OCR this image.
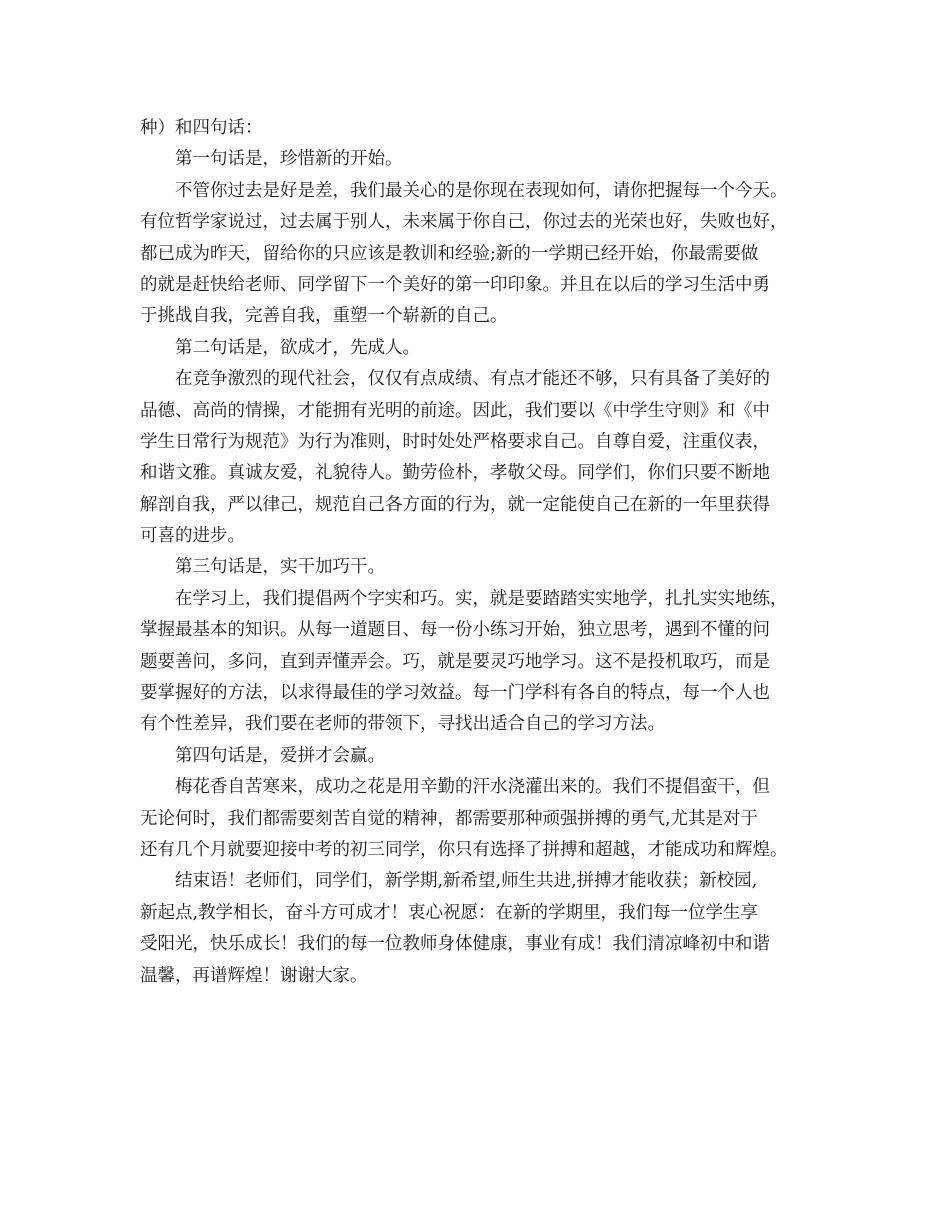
种）和四句话：
第一句话是，珍惜新的开始。
不管你过去是好是差，我们最关心的是你现在表现如何，请你把握每一个今天。
有位哲学家说过，过去属于别人，未来属于你自己，你过去的光荣也好，失败也好，
都已成为昨天，留给你的只应该是教训和经验;新的一学期已经开始，你最需要做
的就是赶快给老师、同学留下一个美好的第一印印象。并且在以后的学习生活中勇
于挑战自我，完善自我，重塑一个崭新的自己。
第二句话是，欲成才，先成人。
在竞争激烈的现代社会，仅仅有点成绩、有点才能还不够，只有具备了美好的
品德、高尚的情操，才能拥有光明的前途。因此，我们要以《中学生守则》和《中
学生日常行为规范》为行为准则，时时处处严格要求自己。自尊自爱，注重仪表，
和谐文雅。真诚友爱，礼貌待人。勤劳俭朴，孝敬父母。同学们，你们只要不断地
解剖自我，严以律己，规范自己各方面的行为，就一定能使自己在新的一年里获得
可喜的进步。
第三句话是，实干加巧干。
在学习上，我们提倡两个字实和巧。实，就是要踏踏实实地学，扎扎实实地练，
掌握最基本的知识。从每一道题目、每一份小练习开始，独立思考，遇到不懂的问
题要善问，多问，直到弄懂弄会。巧，就是要灵巧地学习。这不是投机取巧，而是
要掌握好的方法，以求得最佳的学习效益。每一门学科有各自的特点，每一个人也
有个性差异，我们要在老师的带领下，寻找出适合自己的学习方法。
第四句话是，爱拼才会赢。
梅花香自苦寒来，成功之花是用辛勤的汗水浇灌出来的。我们不提倡蛮干，但
无论何时，我们都需要刻苦自觉的精神，都需要那种顽强拼搏的勇气,尤其是对于
还有几个月就要迎接中考的初三同学，你只有选择了拼搏和超越，才能成功和辉煌。
结束语！老师们，同学们，新学期,新希望,师生共进,拼搏才能收获；新校园,
新起点,教学相长，奋斗方可成才！衷心祝愿：在新的学期里，我们每一位学生享
受阳光，快乐成长！我们的每一位教师身体健康，事业有成！我们清凉峰初中和谐
温馨，再谱辉煌！谢谢大家。
